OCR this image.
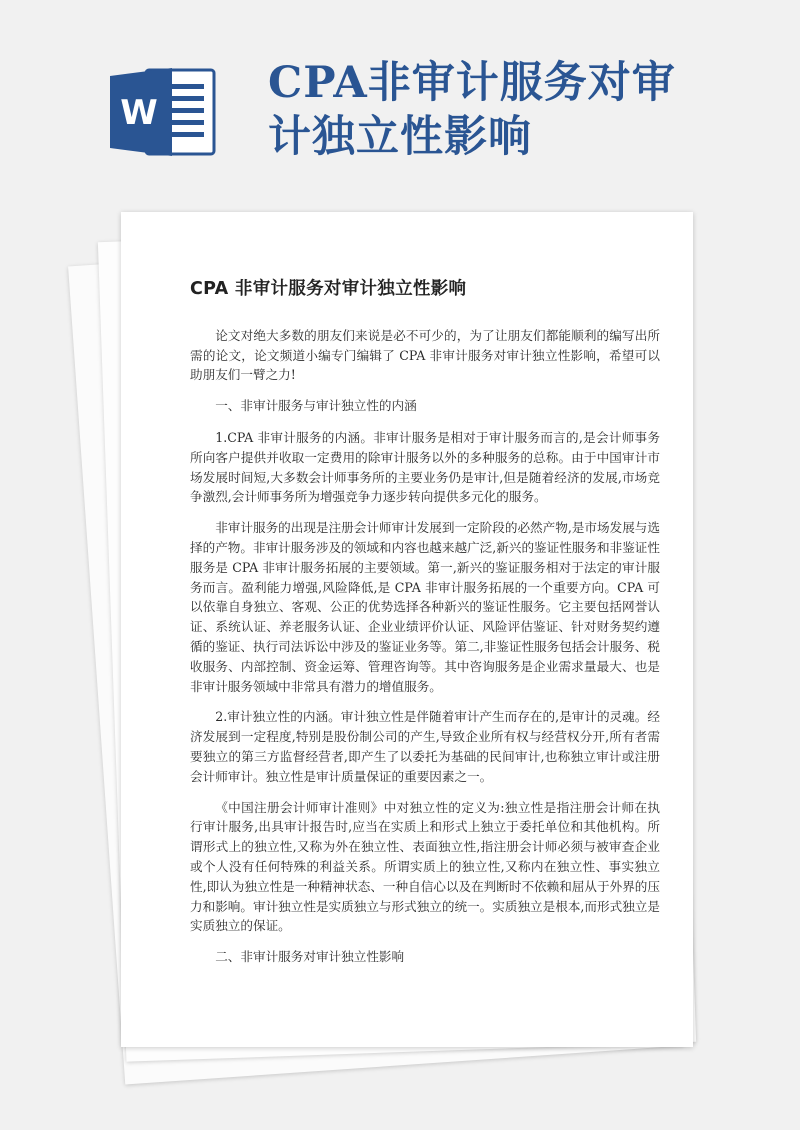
W
CPA非审计服务对审
计独立性影响
CPA 非审计服务对审计独立性影响

论文对绝大多数的朋友们来说是必不可少的，为了让朋友们都能顺利的编写出所需的论文，论文频道小编专门编辑了 CPA 非审计服务对审计独立性影响，希望可以助朋友们一臂之力!

一、非审计服务与审计独立性的内涵

1.CPA 非审计服务的内涵。非审计服务是相对于审计服务而言的,是会计师事务所向客户提供并收取一定费用的除审计服务以外的多种服务的总称。由于中国审计市场发展时间短,大多数会计师事务所的主要业务仍是审计,但是随着经济的发展,市场竞争激烈,会计师事务所为增强竞争力逐步转向提供多元化的服务。

非审计服务的出现是注册会计师审计发展到一定阶段的必然产物,是市场发展与选择的产物。非审计服务涉及的领域和内容也越来越广泛,新兴的鉴证性服务和非鉴证性服务是 CPA 非审计服务拓展的主要领域。第一,新兴的鉴证服务相对于法定的审计服务而言。盈利能力增强,风险降低,是 CPA 非审计服务拓展的一个重要方向。CPA 可以依靠自身独立、客观、公正的优势选择各种新兴的鉴证性服务。它主要包括网誉认证、系统认证、养老服务认证、企业业绩评价认证、风险评估鉴证、针对财务契约遵循的鉴证、执行司法诉讼中涉及的鉴证业务等。第二,非鉴证性服务包括会计服务、税收服务、内部控制、资金运筹、管理咨询等。其中咨询服务是企业需求量最大、也是非审计服务领域中非常具有潜力的增值服务。

2.审计独立性的内涵。审计独立性是伴随着审计产生而存在的,是审计的灵魂。经济发展到一定程度,特别是股份制公司的产生,导致企业所有权与经营权分开,所有者需要独立的第三方监督经营者,即产生了以委托为基础的民间审计,也称独立审计或注册会计师审计。独立性是审计质量保证的重要因素之一。

《中国注册会计师审计准则》中对独立性的定义为:独立性是指注册会计师在执行审计服务,出具审计报告时,应当在实质上和形式上独立于委托单位和其他机构。所谓形式上的独立性,又称为外在独立性、表面独立性,指注册会计师必须与被审查企业或个人没有任何特殊的利益关系。所谓实质上的独立性,又称内在独立性、事实独立性,即认为独立性是一种精神状态、一种自信心以及在判断时不依赖和屈从于外界的压力和影响。审计独立性是实质独立与形式独立的统一。实质独立是根本,而形式独立是实质独立的保证。

二、非审计服务对审计独立性影响
